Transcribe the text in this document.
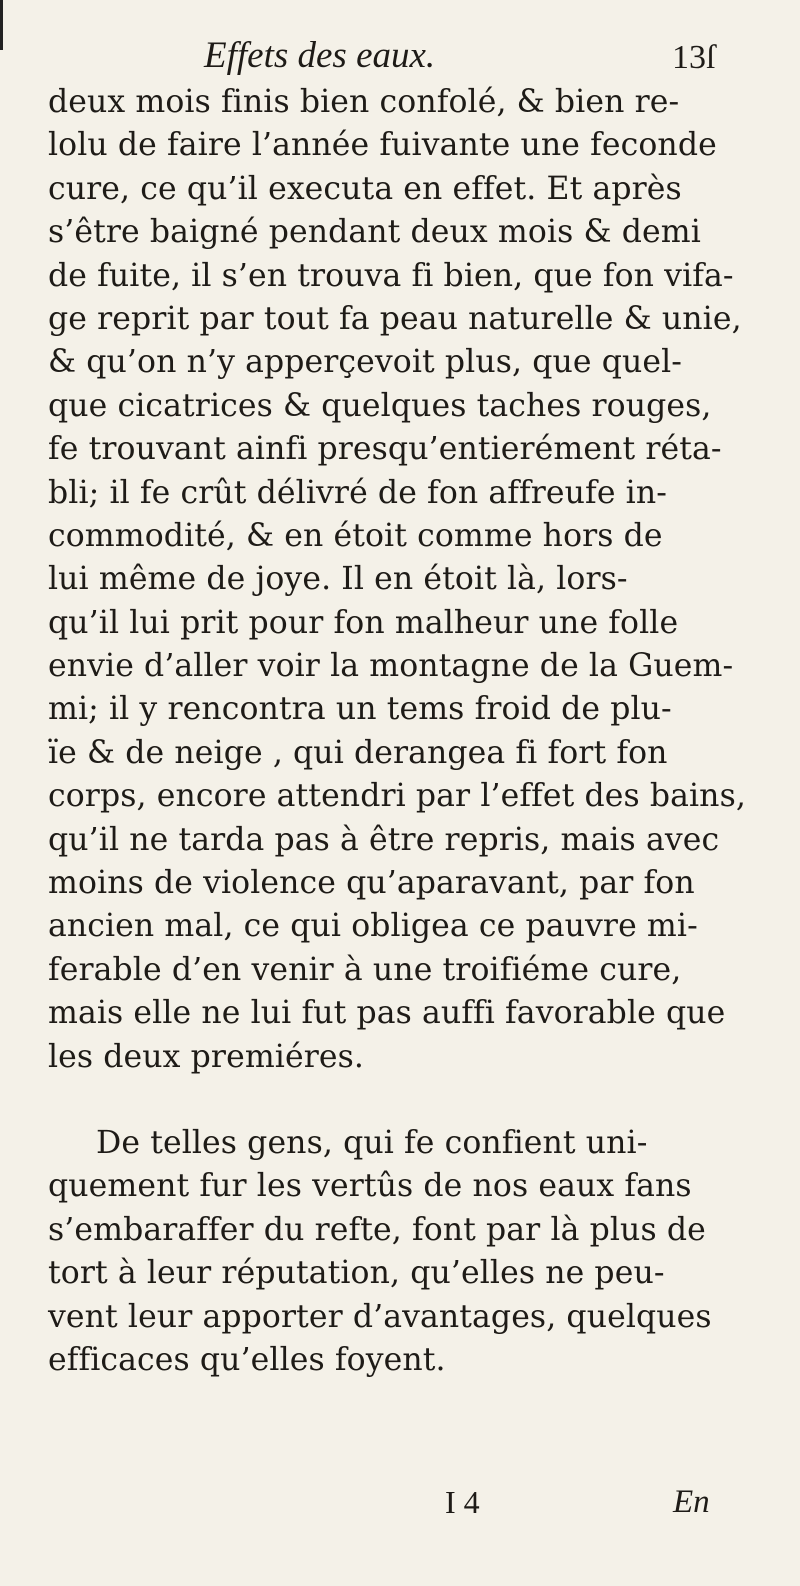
Effets des eaux.	13ſ
deux mois finis bien confolé, & bien re-
lolu de faire l’année fuivante une feconde
cure, ce qu’il executa en effet. Et après
s’être baigné pendant deux mois & demi
de fuite, il s’en trouva fi bien, que fon vifa-
ge reprit par tout fa peau naturelle & unie,
& qu’on n’y apperçevoit plus, que quel-
que cicatrices & quelques taches rouges,
fe trouvant ainfi presqu’entierément réta-
bli; il fe crût délivré de fon affreufe in-
commodité, & en étoit comme hors de
lui même de joye. Il en étoit là, lors-
qu’il lui prit pour fon malheur une folle
envie d’aller voir la montagne de la Guem-
mi; il y rencontra un tems froid de plu-
ïe & de neige , qui derangea fi fort fon
corps, encore attendri par l’effet des bains,
qu’il ne tarda pas à être repris, mais avec
moins de violence qu’aparavant, par fon
ancien mal, ce qui obligea ce pauvre mi-
ferable d’en venir à une troifiéme cure,
mais elle ne lui fut pas auffi favorable que
les deux premiéres.
De telles gens, qui fe confient uni-
quement fur les vertûs de nos eaux fans
s’embaraffer du refte, font par là plus de
tort à leur réputation, qu’elles ne peu-
vent leur apporter d’avantages, quelques
efficaces qu’elles foyent.
I 4	En
